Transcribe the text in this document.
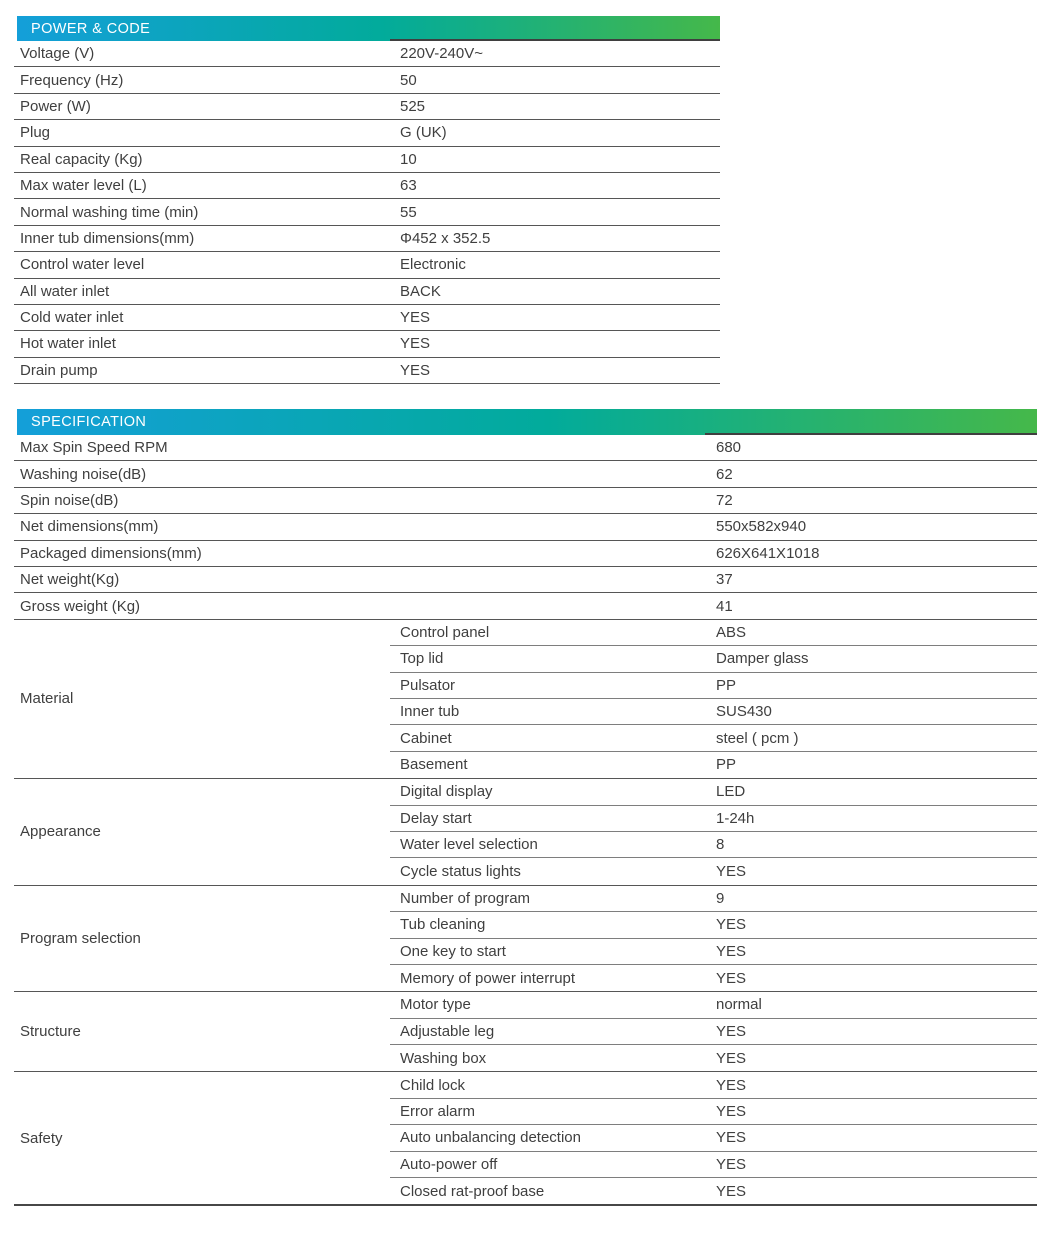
POWER & CODE
Voltage (V)	220V-240V~
Frequency (Hz)	50
Power (W)	525
Plug	G (UK)
Real capacity (Kg)	10
Max water level (L)	63
Normal washing time (min)	55
Inner tub dimensions(mm)	Φ452 x 352.5
Control water level	Electronic
All water inlet	BACK
Cold water inlet	YES
Hot water inlet	YES
Drain pump	YES
SPECIFICATION
Max Spin Speed RPM	680
Washing noise(dB)	62
Spin noise(dB)	72
Net dimensions(mm)	550x582x940
Packaged dimensions(mm)	626X641X1018
Net weight(Kg)	37
Gross weight (Kg)	41
Material
Control panel	ABS
Top lid	Damper glass
Pulsator	PP
Inner tub	SUS430
Cabinet	steel ( pcm )
Basement	PP
Appearance
Digital display	LED
Delay start	1-24h
Water level selection	8
Cycle status lights	YES
Program selection
Number of program	9
Tub cleaning	YES
One key to start	YES
Memory of power interrupt	YES
Structure
Motor type	normal
Adjustable leg	YES
Washing box	YES
Safety
Child lock	YES
Error alarm	YES
Auto unbalancing detection	YES
Auto-power off	YES
Closed rat-proof base	YES
